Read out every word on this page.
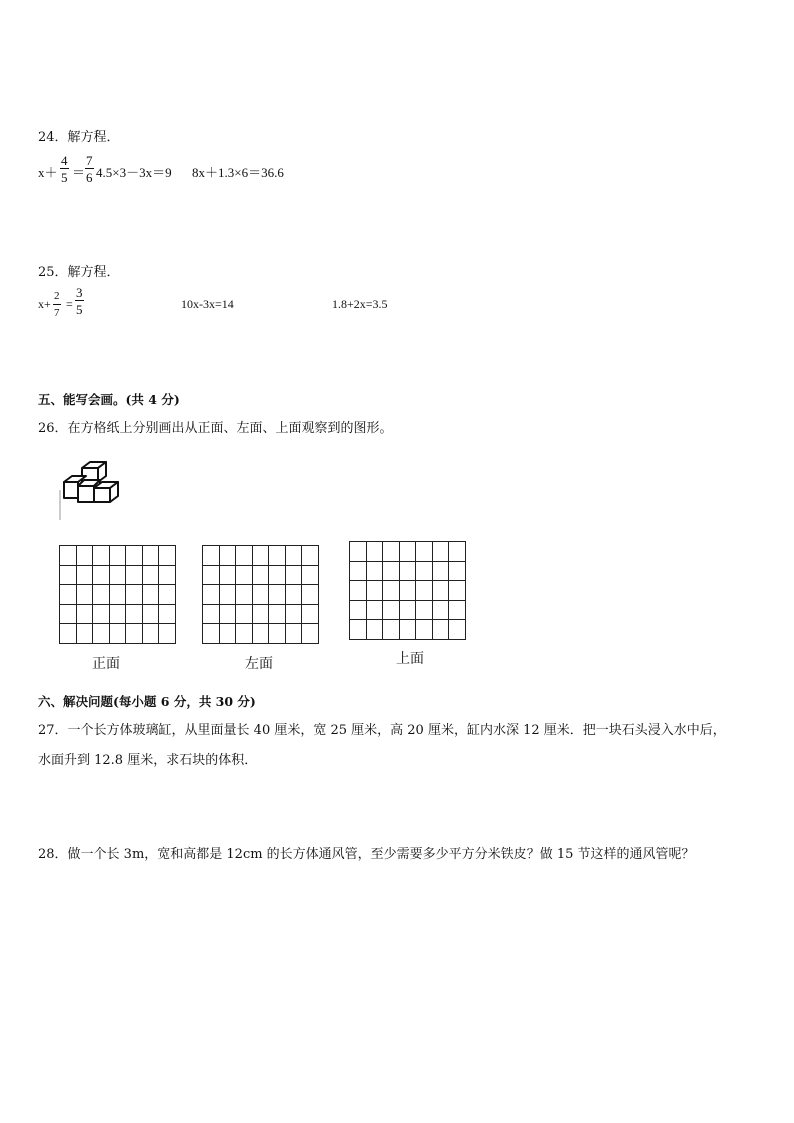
24．解方程．
$x+ \frac{4}{5} = \frac{7}{6} 4.5\times 3-3x=9$ 8x＋1.3×6＝36.6
25．解方程．
$x+ \frac{2}{7} = \frac{3}{5}$	10x-3x=14	1.8+2x=3.5
五、能写会画。(共 4 分)
26．在方格纸上分别画出从正面、左面、上面观察到的图形。

正面

							左面

							上面
六、解决问题(每小题 6 分，共 30 分)
27．一个长方体玻璃缸，从里面量长 40 厘米，宽 25 厘米，高 20 厘米，缸内水深 12 厘米．把一块石头浸入水中后，
水面升到 12.8 厘米，求石块的体积．
28．做一个长 3m，宽和高都是 12cm 的长方体通风管，至少需要多少平方分米铁皮？做 15 节这样的通风管呢？
